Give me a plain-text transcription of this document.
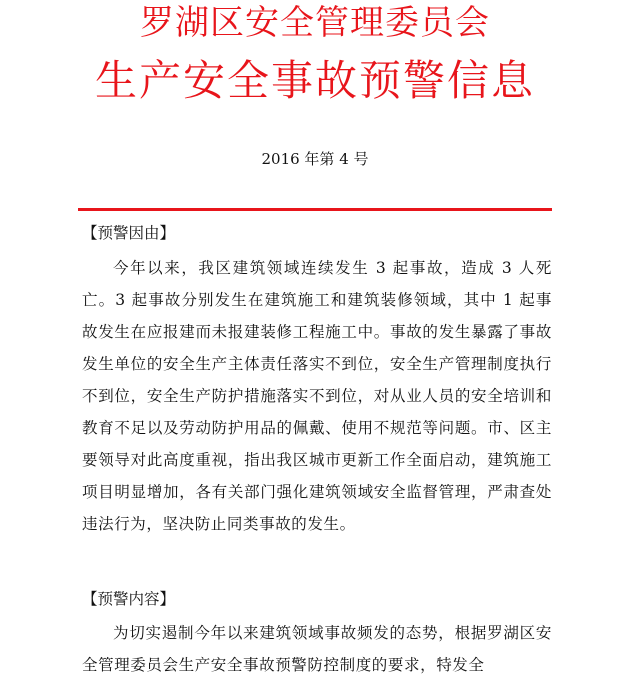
罗湖区安全管理委员会
生产安全事故预警信息
2016 年第 4 号
【预警因由】
今年以来，我区建筑领域连续发生 3 起事故，造成 3 人死亡。3 起事故分别发生在建筑施工和建筑装修领域，其中 1 起事故发生在应报建而未报建装修工程施工中。事故的发生暴露了事故发生单位的安全生产主体责任落实不到位，安全生产管理制度执行不到位，安全生产防护措施落实不到位，对从业人员的安全培训和教育不足以及劳动防护用品的佩戴、使用不规范等问题。市、区主要领导对此高度重视，指出我区城市更新工作全面启动，建筑施工项目明显增加，各有关部门强化建筑领域安全监督管理，严肃查处违法行为，坚决防止同类事故的发生。
【预警内容】
为切实遏制今年以来建筑领域事故频发的态势，根据罗湖区安全管理委员会生产安全事故预警防控制度的要求，特发全
